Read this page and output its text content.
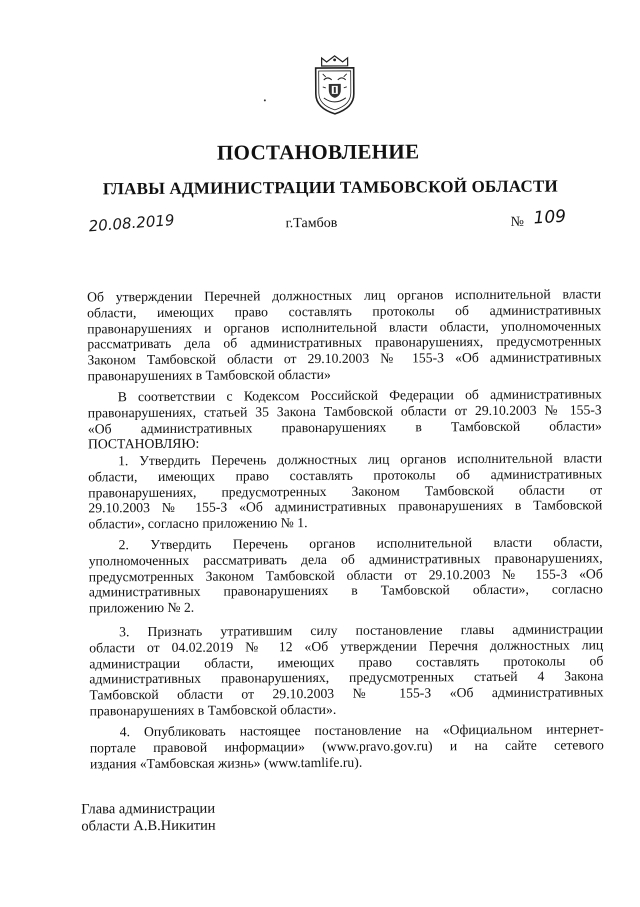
ПОСТАНОВЛЕНИЕ
ГЛАВЫ АДМИНИСТРАЦИИ ТАМБОВСКОЙ ОБЛАСТИ
20.08.2019	г.Тамбов	№ 109
Об утверждении Перечней должностных лиц органов исполнительной власти
области, имеющих право составлять протоколы об административных
правонарушениях и органов исполнительной власти области, уполномоченных
рассматривать дела об административных правонарушениях, предусмотренных
Законом Тамбовской области от 29.10.2003 № 155-З «Об административных
правонарушениях в Тамбовской области»
В соответствии с Кодексом Российской Федерации об административных
правонарушениях, статьей 35 Закона Тамбовской области от 29.10.2003 № 155-З
«Об административных правонарушениях в Тамбовской области»
ПОСТАНОВЛЯЮ:
1. Утвердить Перечень должностных лиц органов исполнительной власти
области, имеющих право составлять протоколы об административных
правонарушениях, предусмотренных Законом Тамбовской области от
29.10.2003 № 155-З «Об административных правонарушениях в Тамбовской
области», согласно приложению № 1.
2. Утвердить Перечень органов исполнительной власти области,
уполномоченных рассматривать дела об административных правонарушениях,
предусмотренных Законом Тамбовской области от 29.10.2003 № 155-З «Об
административных правонарушениях в Тамбовской области», согласно
приложению № 2.
3. Признать утратившим силу постановление главы администрации
области от 04.02.2019 № 12 «Об утверждении Перечня должностных лиц
администрации области, имеющих право составлять протоколы об
административных правонарушениях, предусмотренных статьей 4 Закона
Тамбовской области от 29.10.2003 № 155-З «Об административных
правонарушениях в Тамбовской области».
4. Опубликовать настоящее постановление на «Официальном интернет-
портале правовой информации» (www.pravo.gov.ru) и на сайте сетевого
издания «Тамбовская жизнь» (www.tamlife.ru).
Глава администрации
области А.В.Никитин
